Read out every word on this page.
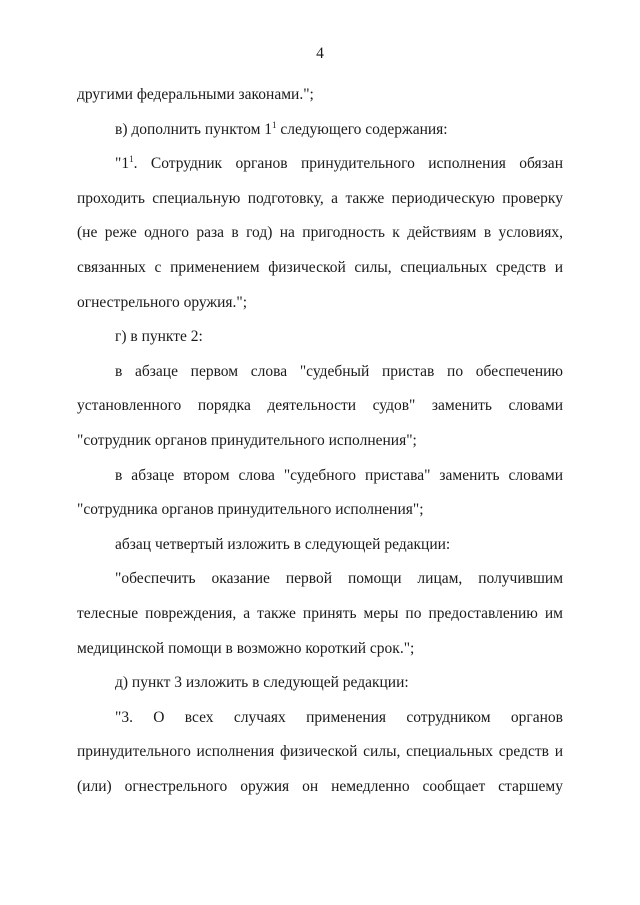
4

другими федеральными законами.";

в) дополнить пунктом $1^1$ следующего содержания:

"$1^1$. Сотрудник органов принудительного исполнения обязан проходить специальную подготовку, а также периодическую проверку (не реже одного раза в год) на пригодность к действиям в условиях, связанных с применением физической силы, специальных средств и огнестрельного оружия.";

г) в пункте 2:

в абзаце первом слова "судебный пристав по обеспечению установленного порядка деятельности судов" заменить словами "сотрудник органов принудительного исполнения";

в абзаце втором слова "судебного пристава" заменить словами "сотрудника органов принудительного исполнения";

абзац четвертый изложить в следующей редакции:

"обеспечить оказание первой помощи лицам, получившим телесные повреждения, а также принять меры по предоставлению им медицинской помощи в возможно короткий срок.";

д) пункт 3 изложить в следующей редакции:

"3. О всех случаях применения сотрудником органов принудительного исполнения физической силы, специальных средств и (или) огнестрельного оружия он немедленно сообщает старшему
